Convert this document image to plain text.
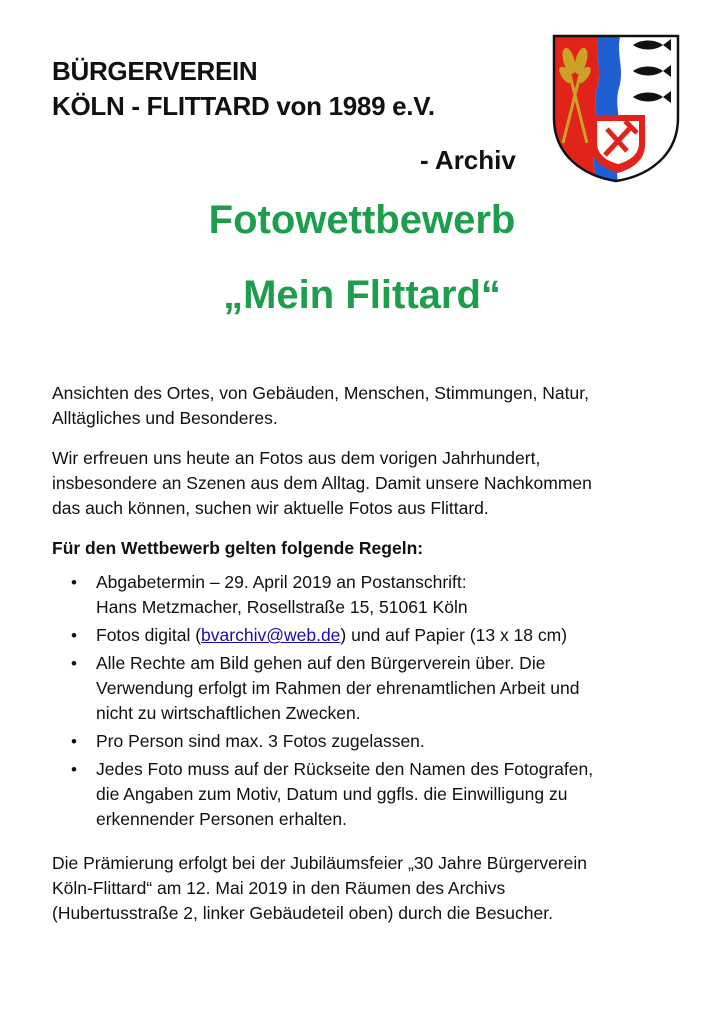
BÜRGERVEREIN
KÖLN - FLITTARD von 1989 e.V.
- Archiv
Fotowettbewerb
„Mein Flittard“
Ansichten des Ortes, von Gebäuden, Menschen, Stimmungen, Natur,
Alltägliches und Besonderes.
Wir erfreuen uns heute an Fotos aus dem vorigen Jahrhundert,
insbesondere an Szenen aus dem Alltag. Damit unsere Nachkommen
das auch können, suchen wir aktuelle Fotos aus Flittard.
Für den Wettbewerb gelten folgende Regeln:
• Abgabetermin – 29. April 2019 an Postanschrift:
Hans Metzmacher, Rosellstraße 15, 51061 Köln
• Fotos digital (bvarchiv@web.de) und auf Papier (13 x 18 cm)
• Alle Rechte am Bild gehen auf den Bürgerverein über. Die
Verwendung erfolgt im Rahmen der ehrenamtlichen Arbeit und
nicht zu wirtschaftlichen Zwecken.
• Pro Person sind max. 3 Fotos zugelassen.
• Jedes Foto muss auf der Rückseite den Namen des Fotografen,
die Angaben zum Motiv, Datum und ggfls. die Einwilligung zu
erkennender Personen erhalten.
Die Prämierung erfolgt bei der Jubiläumsfeier „30 Jahre Bürgerverein
Köln-Flittard“ am 12. Mai 2019 in den Räumen des Archivs
(Hubertusstraße 2, linker Gebäudeteil oben) durch die Besucher.
